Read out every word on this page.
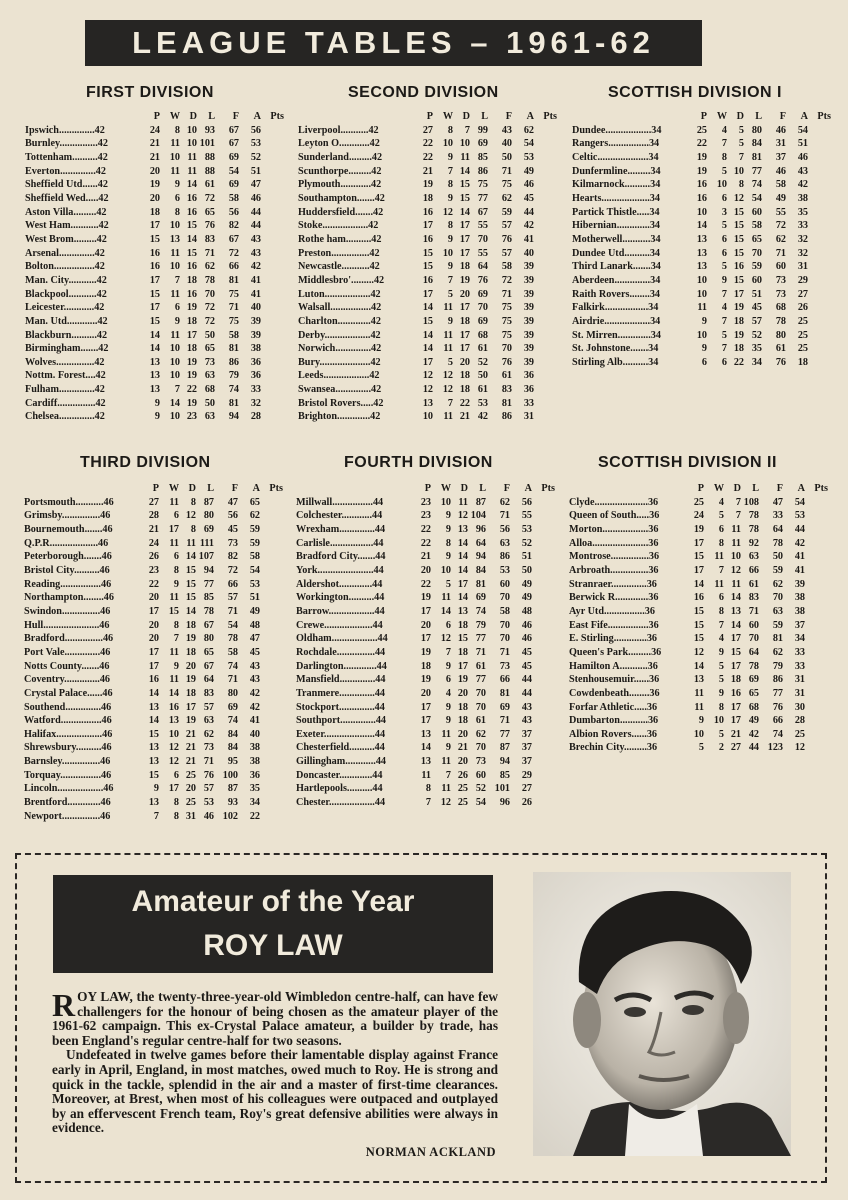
LEAGUE TABLES – 1961-62
FIRST DIVISION	SECOND DIVISION	SCOTTISH DIVISION I
THIRD DIVISION	FOURTH DIVISION	SCOTTISH DIVISION II
	P	W	D	L	F	A	Pts
Ipswich..............42	24	8	10	93	67	56	
Burnley...............42	21	11	10	101	67	53	
Tottenham..........42	21	10	11	88	69	52	
Everton..............42	20	11	11	88	54	51	
Sheffield Utd......42	19	9	14	61	69	47	
Sheffield Wed.....42	20	6	16	72	58	46	
Aston Villa.........42	18	8	16	65	56	44	
West Ham...........42	17	10	15	76	82	44	
West Brom.........42	15	13	14	83	67	43	
Arsenal..............42	16	11	15	71	72	43	
Bolton................42	16	10	16	62	66	42	
Man. City...........42	17	7	18	78	81	41	
Blackpool...........42	15	11	16	70	75	41	
Leicester............42	17	6	19	72	71	40	
Man. Utd............42	15	9	18	72	75	39	
Blackburn..........42	14	11	17	50	58	39	
Birmingham.......42	14	10	18	65	81	38	
Wolves...............42	13	10	19	73	86	36	
Nottm. Forest....42	13	10	19	63	79	36	
Fulham..............42	13	7	22	68	74	33	
Cardiff...............42	9	14	19	50	81	32	
Chelsea..............42	9	10	23	63	94	28	
	P	W	D	L	F	A	Pts
Liverpool...........42	27	8	7	99	43	62	
Leyton O............42	22	10	10	69	40	54	
Sunderland.........42	22	9	11	85	50	53	
Scunthorpe.........42	21	7	14	86	71	49	
Plymouth............42	19	8	15	75	75	46	
Southampton.......42	18	9	15	77	62	45	
Huddersfield.......42	16	12	14	67	59	44	
Stoke..................42	17	8	17	55	57	42	
Rothe ham..........42	16	9	17	70	76	41	
Preston...............42	15	10	17	55	57	40	
Newcastle...........42	15	9	18	64	58	39	
Middlesbro'.........42	16	7	19	76	72	39	
Luton..................42	17	5	20	69	71	39	
Walsall................42	14	11	17	70	75	39	
Charlton.............42	15	9	18	69	75	39	
Derby..................42	14	11	17	68	75	39	
Norwich..............42	14	11	17	61	70	39	
Bury....................42	17	5	20	52	76	39	
Leeds..................42	12	12	18	50	61	36	
Swansea..............42	12	12	18	61	83	36	
Bristol Rovers.....42	13	7	22	53	81	33	
Brighton.............42	10	11	21	42	86	31	
	P	W	D	L	F	A	Pts
Dundee..................34	25	4	5	80	46	54	
Rangers................34	22	7	5	84	31	51	
Celtic....................34	19	8	7	81	37	46	
Dunfermline.........34	19	5	10	77	46	43	
Kilmarnock..........34	16	10	8	74	58	42	
Hearts...................34	16	6	12	54	49	38	
Partick Thistle.....34	10	3	15	60	55	35	
Hibernian.............34	14	5	15	58	72	33	
Motherwell...........34	13	6	15	65	62	32	
Dundee Utd..........34	13	6	15	70	71	32	
Third Lanark.......34	13	5	16	59	60	31	
Aberdeen..............34	10	9	15	60	73	29	
Raith Rovers........34	10	7	17	51	73	27	
Falkirk.................34	11	4	19	45	68	26	
Airdrie..................34	9	7	18	57	78	25	
St. Mirren.............34	10	5	19	52	80	25	
St. Johnstone.......34	9	7	18	35	61	25	
Stirling Alb..........34	6	6	22	34	76	18	
	P	W	D	L	F	A	Pts
Portsmouth...........46	27	11	8	87	47	65	
Grimsby...............46	28	6	12	80	56	62	
Bournemouth.......46	21	17	8	69	45	59	
Q.P.R...................46	24	11	11	111	73	59	
Peterborough.......46	26	6	14	107	82	58	
Bristol City..........46	23	8	15	94	72	54	
Reading................46	22	9	15	77	66	53	
Northampton........46	20	11	15	85	57	51	
Swindon...............46	17	15	14	78	71	49	
Hull......................46	20	8	18	67	54	48	
Bradford...............46	20	7	19	80	78	47	
Port Vale..............46	17	11	18	65	58	45	
Notts County.......46	17	9	20	67	74	43	
Coventry..............46	16	11	19	64	71	43	
Crystal Palace......46	14	14	18	83	80	42	
Southend..............46	13	16	17	57	69	42	
Watford................46	14	13	19	63	74	41	
Halifax..................46	15	10	21	62	84	40	
Shrewsbury..........46	13	12	21	73	84	38	
Barnsley...............46	13	12	21	71	95	38	
Torquay................46	15	6	25	76	100	36	
Lincoln..................46	9	17	20	57	87	35	
Brentford.............46	13	8	25	53	93	34	
Newport...............46	7	8	31	46	102	22	
	P	W	D	L	F	A	Pts
Millwall................44	23	10	11	87	62	56	
Colchester............44	23	9	12	104	71	55	
Wrexham..............44	22	9	13	96	56	53	
Carlisle.................44	22	8	14	64	63	52	
Bradford City.......44	21	9	14	94	86	51	
York......................44	20	10	14	84	53	50	
Aldershot.............44	22	5	17	81	60	49	
Workington..........44	19	11	14	69	70	49	
Barrow..................44	17	14	13	74	58	48	
Crewe...................44	20	6	18	79	70	46	
Oldham..................44	17	12	15	77	70	46	
Rochdale...............44	19	7	18	71	71	45	
Darlington.............44	18	9	17	61	73	45	
Mansfield..............44	19	6	19	77	66	44	
Tranmere..............44	20	4	20	70	81	44	
Stockport..............44	17	9	18	70	69	43	
Southport..............44	17	9	18	61	71	43	
Exeter....................44	13	11	20	62	77	37	
Chesterfield..........44	14	9	21	70	87	37	
Gillingham............44	13	11	20	73	94	37	
Doncaster.............44	11	7	26	60	85	29	
Hartlepools..........44	8	11	25	52	101	27	
Chester..................44	7	12	25	54	96	26	
	P	W	D	L	F	A	Pts
Clyde.....................36	25	4	7	108	47	54	
Queen of South.....36	24	5	7	78	33	53	
Morton..................36	19	6	11	78	64	44	
Alloa......................36	17	8	11	92	78	42	
Montrose...............36	15	11	10	63	50	41	
Arbroath...............36	17	7	12	66	59	41	
Stranraer..............36	14	11	11	61	62	39	
Berwick R.............36	16	6	14	83	70	38	
Ayr Utd................36	15	8	13	71	63	38	
East Fife................36	15	7	14	60	59	37	
E. Stirling.............36	15	4	17	70	81	34	
Queen's Park.........36	12	9	15	64	62	33	
Hamilton A...........36	14	5	17	78	79	33	
Stenhousemuir......36	13	5	18	69	86	31	
Cowdenbeath........36	11	9	16	65	77	31	
Forfar Athletic.....36	11	8	17	68	76	30	
Dumbarton...........36	9	10	17	49	66	28	
Albion Rovers......36	10	5	21	42	74	25	
Brechin City.........36	5	2	27	44	123	12	
Amateur of the Year
ROY LAW

ROY LAW, the twenty-three-year-old Wimbledon centre-half, can have few challengers for the honour of being chosen as the amateur player of the 1961-62 campaign. This ex-Crystal Palace amateur, a builder by trade, has been England's regular centre-half for two seasons.

Undefeated in twelve games before their lamentable display against France early in April, England, in most matches, owed much to Roy. He is strong and quick in the tackle, splendid in the air and a master of first-time clearances. Moreover, at Brest, when most of his colleagues were outpaced and outplayed by an effervescent French team, Roy's great defensive abilities were always in evidence.

NORMAN ACKLAND
